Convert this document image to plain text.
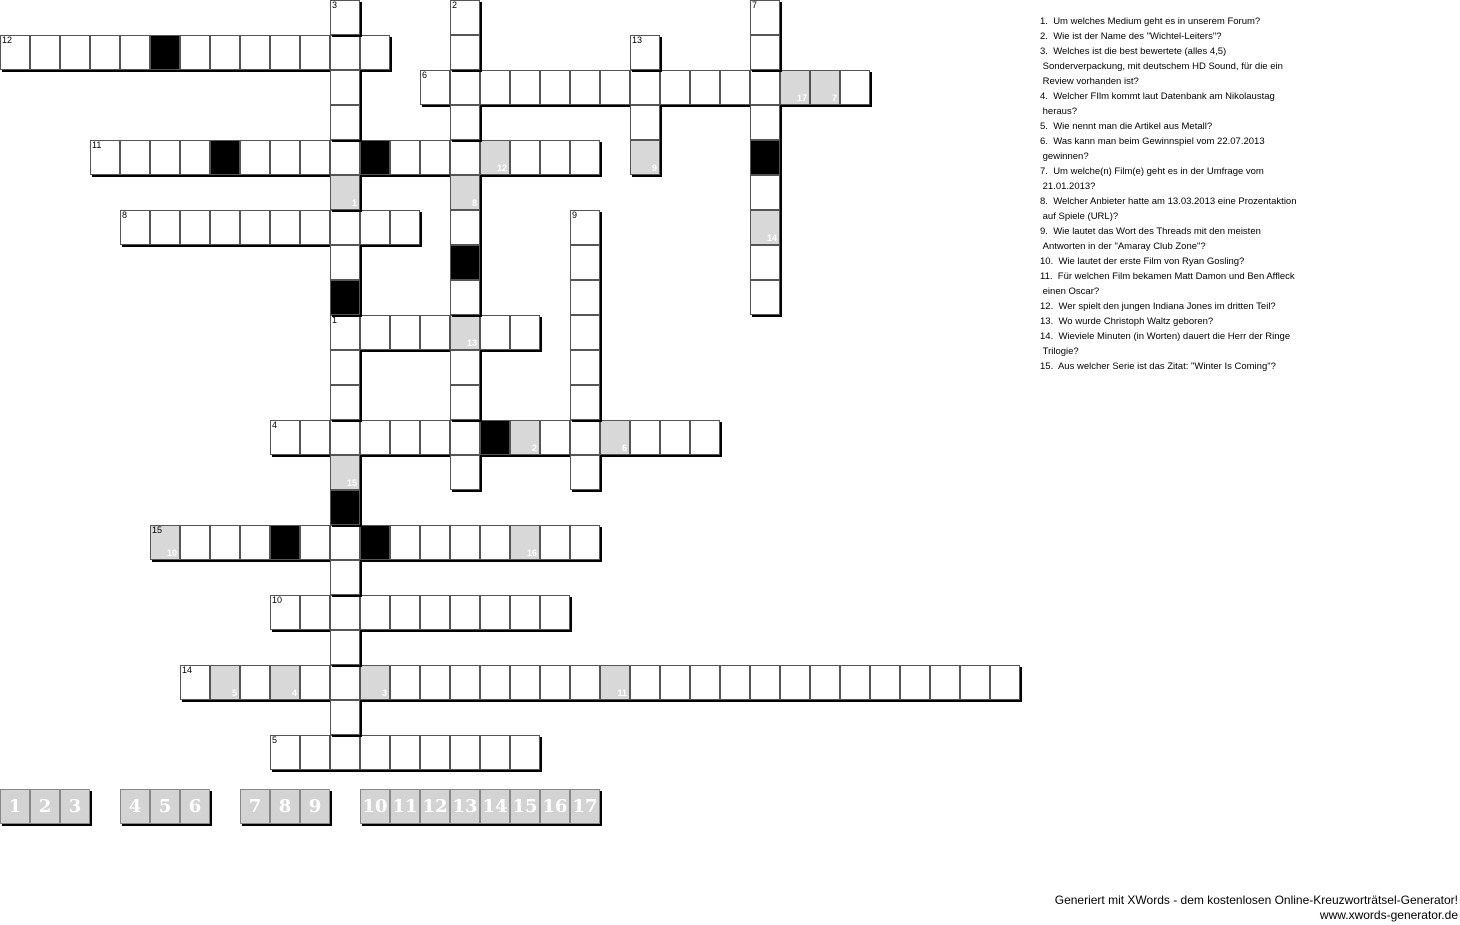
12
6
17	7
11
12
8
1
13
4
2	6
15
10	16
10
14
5	4	3	11
5
3
1
15
2
8
7
14
13
9
9
1 2 3	4 5 6	7 8 9	10 11 12 13 14 15 16 17
1.  Um welches Medium geht es in unserem Forum?
2.  Wie ist der Name des "Wichtel-Leiters"?
3.  Welches ist die best bewertete (alles 4,5)
Sonderverpackung, mit deutschem HD Sound, für die ein
Review vorhanden ist?
4.  Welcher FIlm kommt laut Datenbank am Nikolaustag
heraus?
5.  Wie nennt man die Artikel aus Metall?
6.  Was kann man beim Gewinnspiel vom 22.07.2013
gewinnen?
7.  Um welche(n) Film(e) geht es in der Umfrage vom
21.01.2013?
8.  Welcher Anbieter hatte am 13.03.2013 eine Prozentaktion
auf Spiele (URL)?
9.  Wie lautet das Wort des Threads mit den meisten
Antworten in der "Amaray Club Zone"?
10.  Wie lautet der erste Film von Ryan Gosling?
11.  Für welchen Film bekamen Matt Damon und Ben Affleck
einen Oscar?
12.  Wer spielt den jungen Indiana Jones im dritten Teil?
13.  Wo wurde Christoph Waltz geboren?
14.  Wieviele Minuten (in Worten) dauert die Herr der Ringe
Trilogie?
15.  Aus welcher Serie ist das Zitat: "Winter Is Coming"?
Generiert mit XWords - dem kostenlosen Online-Kreuzworträtsel-Generator!
www.xwords-generator.de
